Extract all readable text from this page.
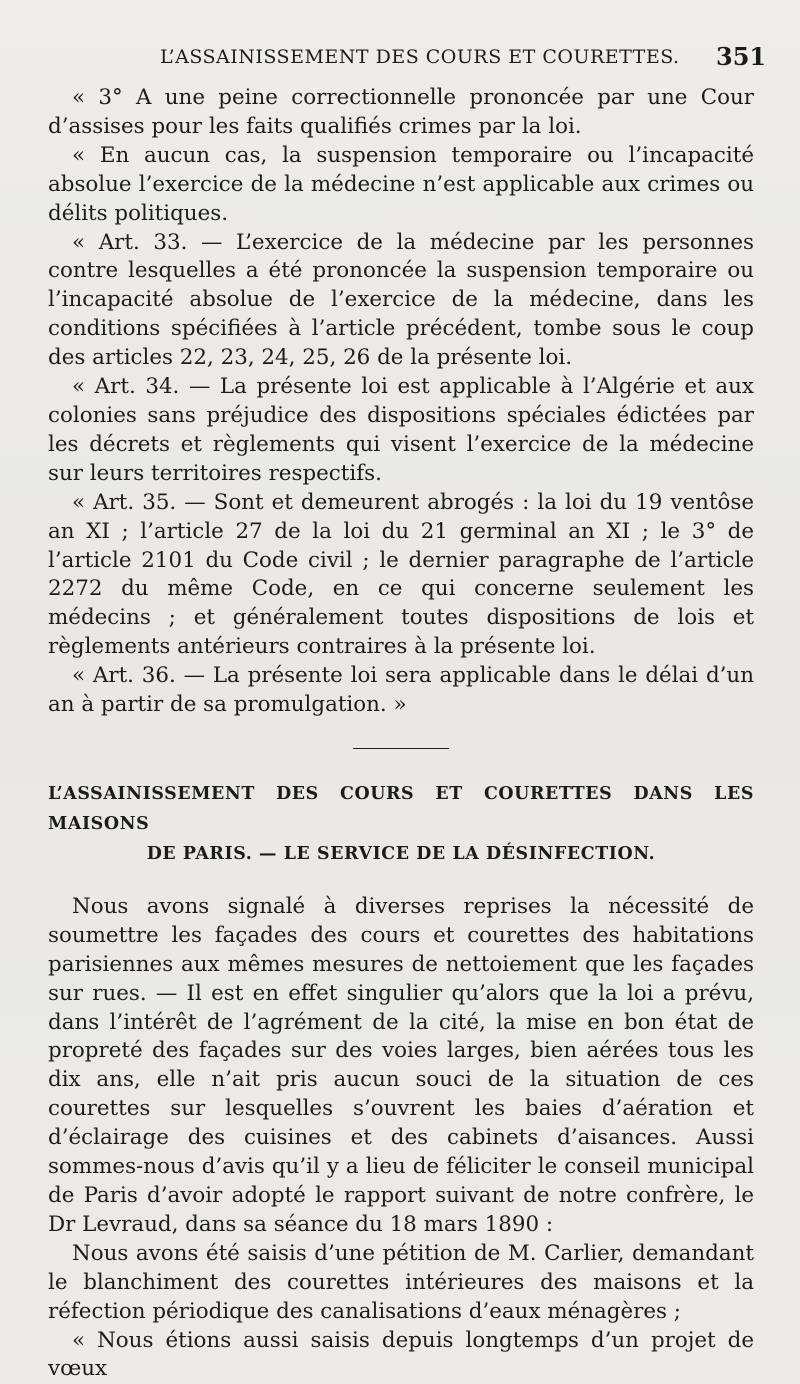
L’ASSAINISSEMENT DES COURS ET COURETTES. 351

« 3° A une peine correctionnelle prononcée par une Cour d’assises pour les faits qualifiés crimes par la loi.

« En aucun cas, la suspension temporaire ou l’incapacité absolue l’exercice de la médecine n’est applicable aux crimes ou délits politiques.

« Art. 33. — L’exercice de la médecine par les personnes contre lesquelles a été prononcée la suspension temporaire ou l’incapacité absolue de l’exercice de la médecine, dans les conditions spécifiées à l’article précédent, tombe sous le coup des articles 22, 23, 24, 25, 26 de la présente loi.

« Art. 34. — La présente loi est applicable à l’Algérie et aux colonies sans préjudice des dispositions spéciales édictées par les décrets et règlements qui visent l’exercice de la médecine sur leurs territoires respectifs.

« Art. 35. — Sont et demeurent abrogés : la loi du 19 ventôse an XI ; l’article 27 de la loi du 21 germinal an XI ; le 3° de l’article 2101 du Code civil ; le dernier paragraphe de l’article 2272 du même Code, en ce qui concerne seulement les médecins ; et généralement toutes dispositions de lois et règlements antérieurs contraires à la présente loi.

« Art. 36. — La présente loi sera applicable dans le délai d’un an à partir de sa promulgation. »

L’ASSAINISSEMENT DES COURS ET COURETTES DANS LES MAISONS
DE PARIS. — LE SERVICE DE LA DÉSINFECTION.

Nous avons signalé à diverses reprises la nécessité de soumettre les façades des cours et courettes des habitations parisiennes aux mêmes mesures de nettoiement que les façades sur rues. — Il est en effet singulier qu’alors que la loi a prévu, dans l’intérêt de l’agrément de la cité, la mise en bon état de propreté des façades sur des voies larges, bien aérées tous les dix ans, elle n’ait pris aucun souci de la situation de ces courettes sur lesquelles s’ouvrent les baies d’aération et d’éclairage des cuisines et des cabinets d’aisances. Aussi sommes-nous d’avis qu’il y a lieu de féliciter le conseil municipal de Paris d’avoir adopté le rapport suivant de notre confrère, le Dr Levraud, dans sa séance du 18 mars 1890 :

Nous avons été saisis d’une pétition de M. Carlier, demandant le blanchiment des courettes intérieures des maisons et la réfection périodique des canalisations d’eaux ménagères ;

« Nous étions aussi saisis depuis longtemps d’un projet de vœux
